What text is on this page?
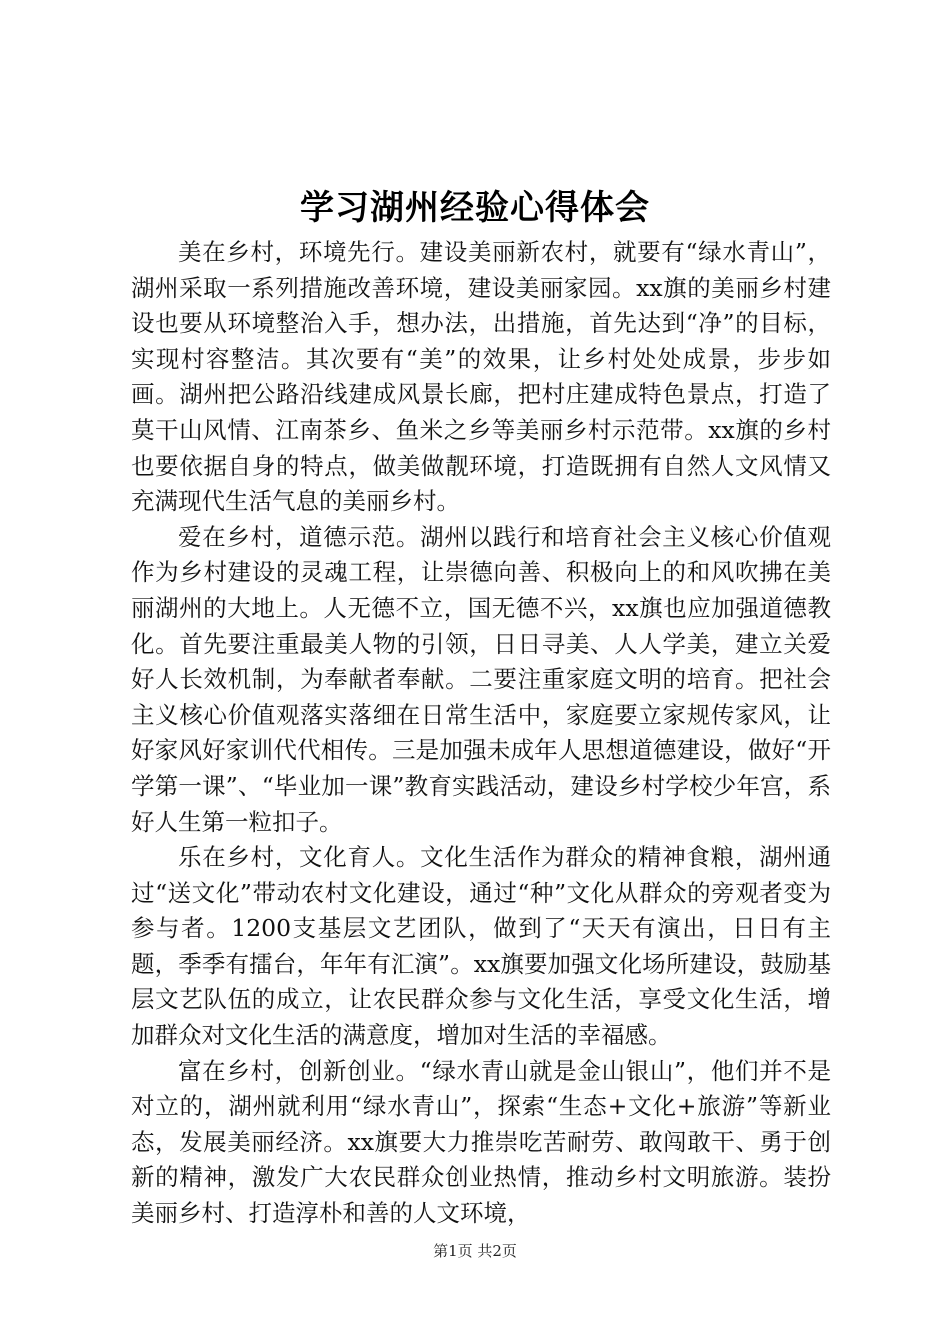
学习湖州经验心得体会

美在乡村，环境先行。建设美丽新农村，就要有“绿水青山”，湖州采取一系列措施改善环境，建设美丽家园。xx旗的美丽乡村建设也要从环境整治入手，想办法，出措施，首先达到“净”的目标，实现村容整洁。其次要有“美”的效果，让乡村处处成景，步步如画。湖州把公路沿线建成风景长廊，把村庄建成特色景点，打造了莫干山风情、江南茶乡、鱼米之乡等美丽乡村示范带。xx旗的乡村也要依据自身的特点，做美做靓环境，打造既拥有自然人文风情又充满现代生活气息的美丽乡村。

爱在乡村，道德示范。湖州以践行和培育社会主义核心价值观作为乡村建设的灵魂工程，让崇德向善、积极向上的和风吹拂在美丽湖州的大地上。人无德不立，国无德不兴，xx旗也应加强道德教化。首先要注重最美人物的引领，日日寻美、人人学美，建立关爱好人长效机制，为奉献者奉献。二要注重家庭文明的培育。把社会主义核心价值观落实落细在日常生活中，家庭要立家规传家风，让好家风好家训代代相传。三是加强未成年人思想道德建设，做好“开学第一课”、“毕业加一课”教育实践活动，建设乡村学校少年宫，系好人生第一粒扣子。

乐在乡村，文化育人。文化生活作为群众的精神食粮，湖州通过“送文化”带动农村文化建设，通过“种”文化从群众的旁观者变为参与者。1200支基层文艺团队，做到了“天天有演出，日日有主题，季季有擂台，年年有汇演”。xx旗要加强文化场所建设，鼓励基层文艺队伍的成立，让农民群众参与文化生活，享受文化生活，增加群众对文化生活的满意度，增加对生活的幸福感。

富在乡村，创新创业。“绿水青山就是金山银山”，他们并不是对立的，湖州就利用“绿水青山”，探索“生态+文化+旅游”等新业态，发展美丽经济。xx旗要大力推崇吃苦耐劳、敢闯敢干、勇于创新的精神，激发广大农民群众创业热情，推动乡村文明旅游。装扮美丽乡村、打造淳朴和善的人文环境，

第1页 共2页
